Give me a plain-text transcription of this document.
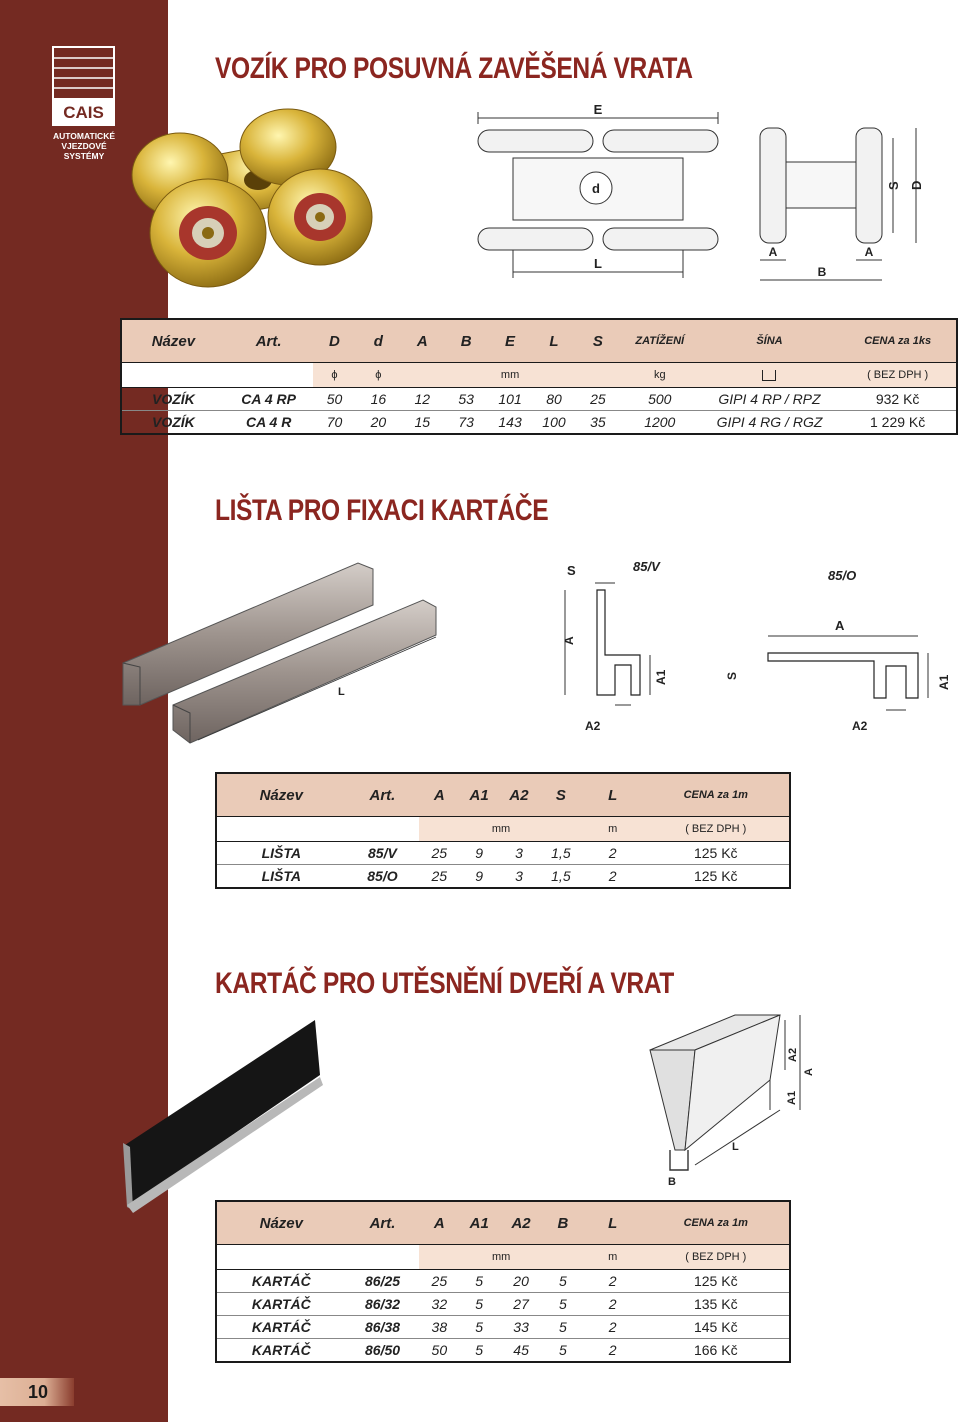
CAIS
AUTOMATICKÉ
VJEZDOVÉ
SYSTÉMY
10
VOZÍK PRO POSUVNÁ ZAVĚŠENÁ VRATA
E
d
L
S D
A	A
B
Název	Art.	D	d	A	B	E	L	S	ZATÍŽENÍ	ŠÍNA	CENA za 1ks
		ϕ	ϕ	mm					kg		( BEZ DPH )
VOZÍK	CA 4 RP	50	16	12	53	101	80	25	500	GIPI 4 RP / RPZ	932 Kč
VOZÍK	CA 4 R	70	20	15	73	143	100	35	1200	GIPI 4 RG / RGZ	1 229 Kč
LIŠTA PRO FIXACI KARTÁČE
L
85/V
S
A
A1
A2
85/O
A
S	A1
A2
Název	Art.	A	A1	A2	S	L	CENA za 1m
		mm				m	( BEZ DPH )
LIŠTA	85/V	25	9	3	1,5	2	125 Kč
LIŠTA	85/O	25	9	3	1,5	2	125 Kč
KARTÁČ PRO UTĚSNĚNÍ DVEŘÍ A VRAT
L
B
A2
A
A1
Název	Art.	A	A1	A2	B	L	CENA za 1m
		mm				m	( BEZ DPH )
KARTÁČ	86/25	25	5	20	5	2	125 Kč
KARTÁČ	86/32	32	5	27	5	2	135 Kč
KARTÁČ	86/38	38	5	33	5	2	145 Kč
KARTÁČ	86/50	50	5	45	5	2	166 Kč
